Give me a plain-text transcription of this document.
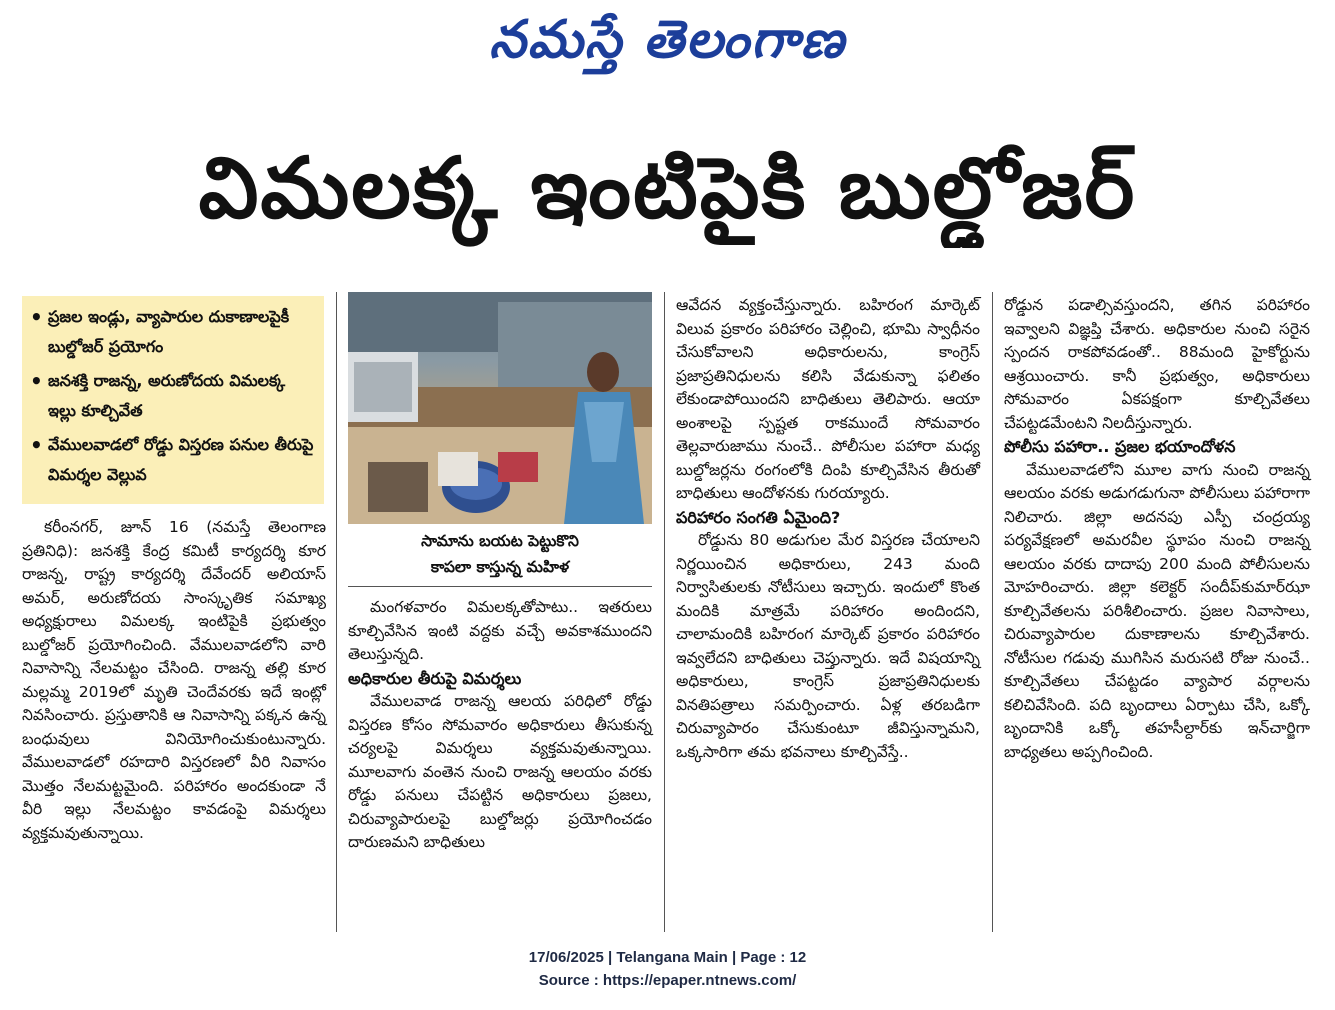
నమస్తే తెలంగాణ
విమలక్క ఇంటిపైకి బుల్డోజర్
• ప్రజల ఇండ్లు, వ్యాపారుల దుకాణాలపైకీ బుల్డోజర్ ప్రయోగం
• జనశక్తి రాజన్న, అరుణోదయ విమలక్క ఇల్లు కూల్చివేత
• వేములవాడలో రోడ్డు విస్తరణ పనుల తీరుపై విమర్శల వెల్లువ
సామాను బయట పెట్టుకొని
కాపలా కాస్తున్న మహిళ

కరీంనగర్, జూన్ 16 (నమస్తే తెలంగాణ ప్రతినిధి): జనశక్తి కేంద్ర కమిటీ కార్యదర్శి కూర రాజన్న, రాష్ట్ర కార్యదర్శి దేవేందర్ అలియాస్ అమర్, అరుణోదయ సాంస్కృతిక సమాఖ్య అధ్యక్షురాలు విమలక్క ఇంటిపైకి ప్రభుత్వం బుల్డోజర్ ప్రయోగించింది. వేములవాడలోని వారి నివాసాన్ని నేలమట్టం చేసింది. రాజన్న తల్లి కూర మల్లమ్మ 2019లో మృతి చెందేవరకు ఇదే ఇంట్లో నివసించారు. ప్రస్తుతానికి ఆ నివాసాన్ని పక్కన ఉన్న బంధువులు వినియోగించుకుంటున్నారు. వేములవాడలో రహదారి విస్తరణలో వీరి నివాసం మొత్తం నేలమట్టమైంది. పరిహారం అందకుండా నే వీరి ఇల్లు నేలమట్టం కావడంపై విమర్శలు వ్యక్తమవుతున్నాయి.

మంగళవారం విమలక్కతోపాటు.. ఇతరులు కూల్చివేసిన ఇంటి వద్దకు వచ్చే అవకాశముందని తెలుస్తున్నది.

అధికారుల తీరుపై విమర్శలు

వేములవాడ రాజన్న ఆలయ పరిధిలో రోడ్డు విస్తరణ కోసం సోమవారం అధికారులు తీసుకున్న చర్యలపై విమర్శలు వ్యక్తమవుతున్నాయి. మూలవాగు వంతెన నుంచి రాజన్న ఆలయం వరకు రోడ్డు పనులు చేపట్టిన అధికారులు ప్రజలు, చిరువ్యాపారులపై బుల్డోజర్లు ప్రయోగించడం దారుణమని బాధితులు

ఆవేదన వ్యక్తంచేస్తున్నారు. బహిరంగ మార్కెట్ విలువ ప్రకారం పరిహారం చెల్లించి, భూమి స్వాధీనం చేసుకోవాలని అధికారులను, కాంగ్రెస్ ప్రజాప్రతినిధులను కలిసి వేడుకున్నా ఫలితం లేకుండాపోయిందని బాధితులు తెలిపారు. ఆయా అంశాలపై స్పష్టత రాకముందే సోమవారం తెల్లవారుజాము నుంచే.. పోలీసుల పహారా మధ్య బుల్డోజర్లను రంగంలోకి దింపి కూల్చివేసిన తీరుతో బాధితులు ఆందోళనకు గురయ్యారు.

పరిహారం సంగతి ఏమైంది?

రోడ్డును 80 అడుగుల మేర విస్తరణ చేయాలని నిర్ణయించిన అధికారులు, 243 మంది నిర్వాసితులకు నోటీసులు ఇచ్చారు. ఇందులో కొంత మందికి మాత్రమే పరిహారం అందిందని, చాలామందికి బహిరంగ మార్కెట్ ప్రకారం పరిహారం ఇవ్వలేదని బాధితులు చెప్తున్నారు. ఇదే విషయాన్ని అధికారులు, కాంగ్రెస్ ప్రజాప్రతినిధులకు వినతిపత్రాలు సమర్పించారు. ఏళ్ల తరబడిగా చిరువ్యాపారం చేసుకుంటూ జీవిస్తున్నామని, ఒక్కసారిగా తమ భవనాలు కూల్చివేస్తే..

రోడ్డున పడాల్సివస్తుందని, తగిన పరిహారం ఇవ్వాలని విజ్ఞప్తి చేశారు. అధికారుల నుంచి సరైన స్పందన రాకపోవడంతో.. 88మంది హైకోర్టును ఆశ్రయించారు. కానీ ప్రభుత్వం, అధికారులు సోమవారం ఏకపక్షంగా కూల్చివేతలు చేపట్టడమేంటని నిలదీస్తున్నారు.

పోలీసు పహారా.. ప్రజల భయాందోళన

వేములవాడలోని మూల వాగు నుంచి రాజన్న ఆలయం వరకు అడుగడుగునా పోలీసులు పహారాగా నిలిచారు. జిల్లా అదనపు ఎస్పీ చంద్రయ్య పర్యవేక్షణలో అమరవీల స్థూపం నుంచి రాజన్న ఆలయం వరకు దాదాపు 200 మంది పోలీసులను మోహరించారు. జిల్లా కలెక్టర్ సందీప్‌కుమార్‌ఝా కూల్చివేతలను పరిశీలించారు. ప్రజల నివాసాలు, చిరువ్యాపారుల దుకాణాలను కూల్చివేశారు. నోటీసుల గడువు ముగిసిన మరుసటి రోజు నుంచే.. కూల్చివేతలు చేపట్టడం వ్యాపార వర్గాలను కలిచివేసింది. పది బృందాలు ఏర్పాటు చేసి, ఒక్కో బృందానికి ఒక్కో తహసీల్దార్‌కు ఇన్‌చార్జిగా బాధ్యతలు అప్పగించింది.

17/06/2025 | Telangana Main | Page : 12
Source : https://epaper.ntnews.com/
